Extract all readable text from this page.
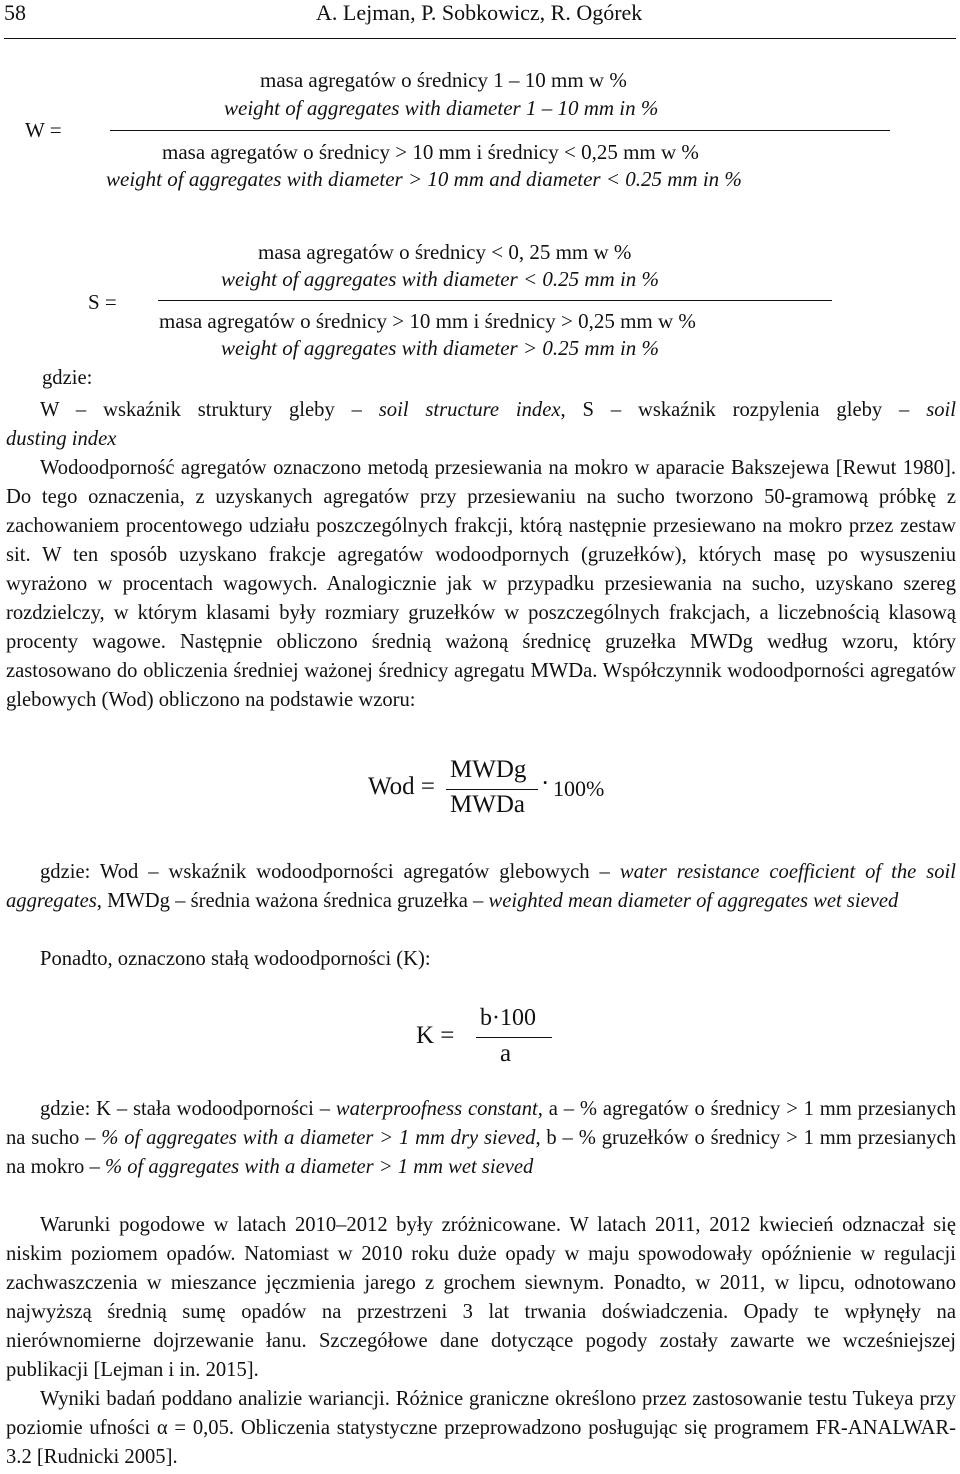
58	A. Lejman, P. Sobkowicz, R. Ogórek
W =
masa agregatów o średnicy 1 – 10 mm w %
weight of aggregates with diameter 1 – 10 mm in %
masa agregatów o średnicy > 10 mm i średnicy < 0,25 mm w %
weight of aggregates with diameter > 10 mm and diameter < 0.25 mm in %
S =
masa agregatów o średnicy < 0, 25 mm w %
weight of aggregates with diameter < 0.25 mm in %
masa agregatów o średnicy > 10 mm i średnicy > 0,25 mm w %
weight of aggregates with diameter > 0.25 mm in %
gdzie:
W – wskaźnik struktury gleby – soil structure index, S – wskaźnik rozpylenia gleby – soil
dusting index
Wodoodporność agregatów oznaczono metodą przesiewania na mokro w aparacie Bakszejewa [Rewut 1980]. Do tego oznaczenia, z uzyskanych agregatów przy przesiewaniu na sucho tworzono 50-gramową próbkę z zachowaniem procentowego udziału poszczególnych frakcji, którą następnie przesiewano na mokro przez zestaw sit. W ten sposób uzyskano frakcje agregatów wodoodpornych (gruzełków), których masę po wysuszeniu wyrażono w procentach wagowych. Analogicznie jak w przypadku przesiewania na sucho, uzyskano szereg rozdzielczy, w którym klasami były rozmiary gruzełków w poszczególnych frakcjach, a liczebnością klasową procenty wagowe. Następnie obliczono średnią ważoną średnicę gruzełka MWDg według wzoru, który zastosowano do obliczenia średniej ważonej średnicy agregatu MWDa. Współczynnik wodoodporności agregatów glebowych (Wod) obliczono na podstawie wzoru:
Wod =
MWDg
MWDa
· 100%
gdzie: Wod – wskaźnik wodoodporności agregatów glebowych – water resistance coefficient of the soil aggregates, MWDg – średnia ważona średnica gruzełka – weighted mean diameter of aggregates wet sieved
Ponadto, oznaczono stałą wodoodporności (K):
K =
b·100
a
gdzie: K – stała wodoodporności – waterproofness constant, a – % agregatów o średnicy > 1 mm przesianych na sucho – % of aggregates with a diameter > 1 mm dry sieved, b – % gruzełków o średnicy > 1 mm przesianych na mokro – % of aggregates with a diameter > 1 mm wet sieved
Warunki pogodowe w latach 2010–2012 były zróżnicowane. W latach 2011, 2012 kwiecień odznaczał się niskim poziomem opadów. Natomiast w 2010 roku duże opady w maju spowodowały opóźnienie w regulacji zachwaszczenia w mieszance jęczmienia jarego z grochem siewnym. Ponadto, w 2011, w lipcu, odnotowano najwyższą średnią sumę opadów na przestrzeni 3 lat trwania doświadczenia. Opady te wpłynęły na nierównomierne dojrzewanie łanu. Szczegółowe dane dotyczące pogody zostały zawarte we wcześniejszej publikacji [Lejman i in. 2015].
Wyniki badań poddano analizie wariancji. Różnice graniczne określono przez zastosowanie testu Tukeya przy poziomie ufności α = 0,05. Obliczenia statystyczne przeprowadzono posługując się programem FR-ANALWAR-3.2 [Rudnicki 2005].
